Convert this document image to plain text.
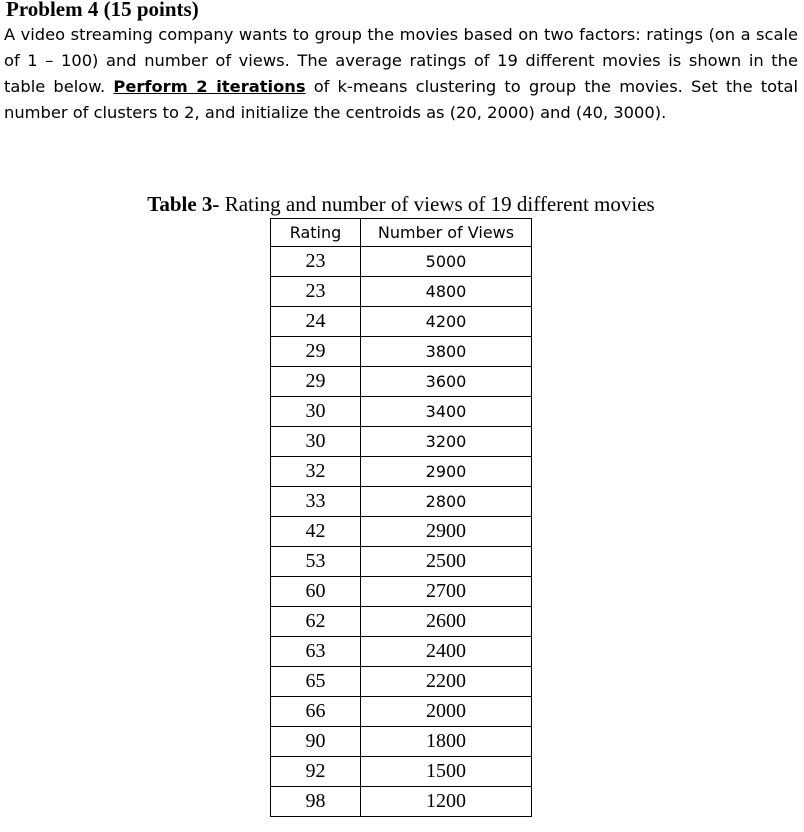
Problem 4 (15 points)

A video streaming company wants to group the movies based on two factors: ratings (on a scale of 1 – 100) and number of views. The average ratings of 19 different movies is shown in the table below. Perform 2 iterations of k-means clustering to group the movies. Set the total number of clusters to 2, and initialize the centroids as (20, 2000) and (40, 3000).

Table 3- Rating and number of views of 19 different movies
Rating	Number of Views
23	5000
23	4800
24	4200
29	3800
29	3600
30	3400
30	3200
32	2900
33	2800
42	2900
53	2500
60	2700
62	2600
63	2400
65	2200
66	2000
90	1800
92	1500
98	1200
